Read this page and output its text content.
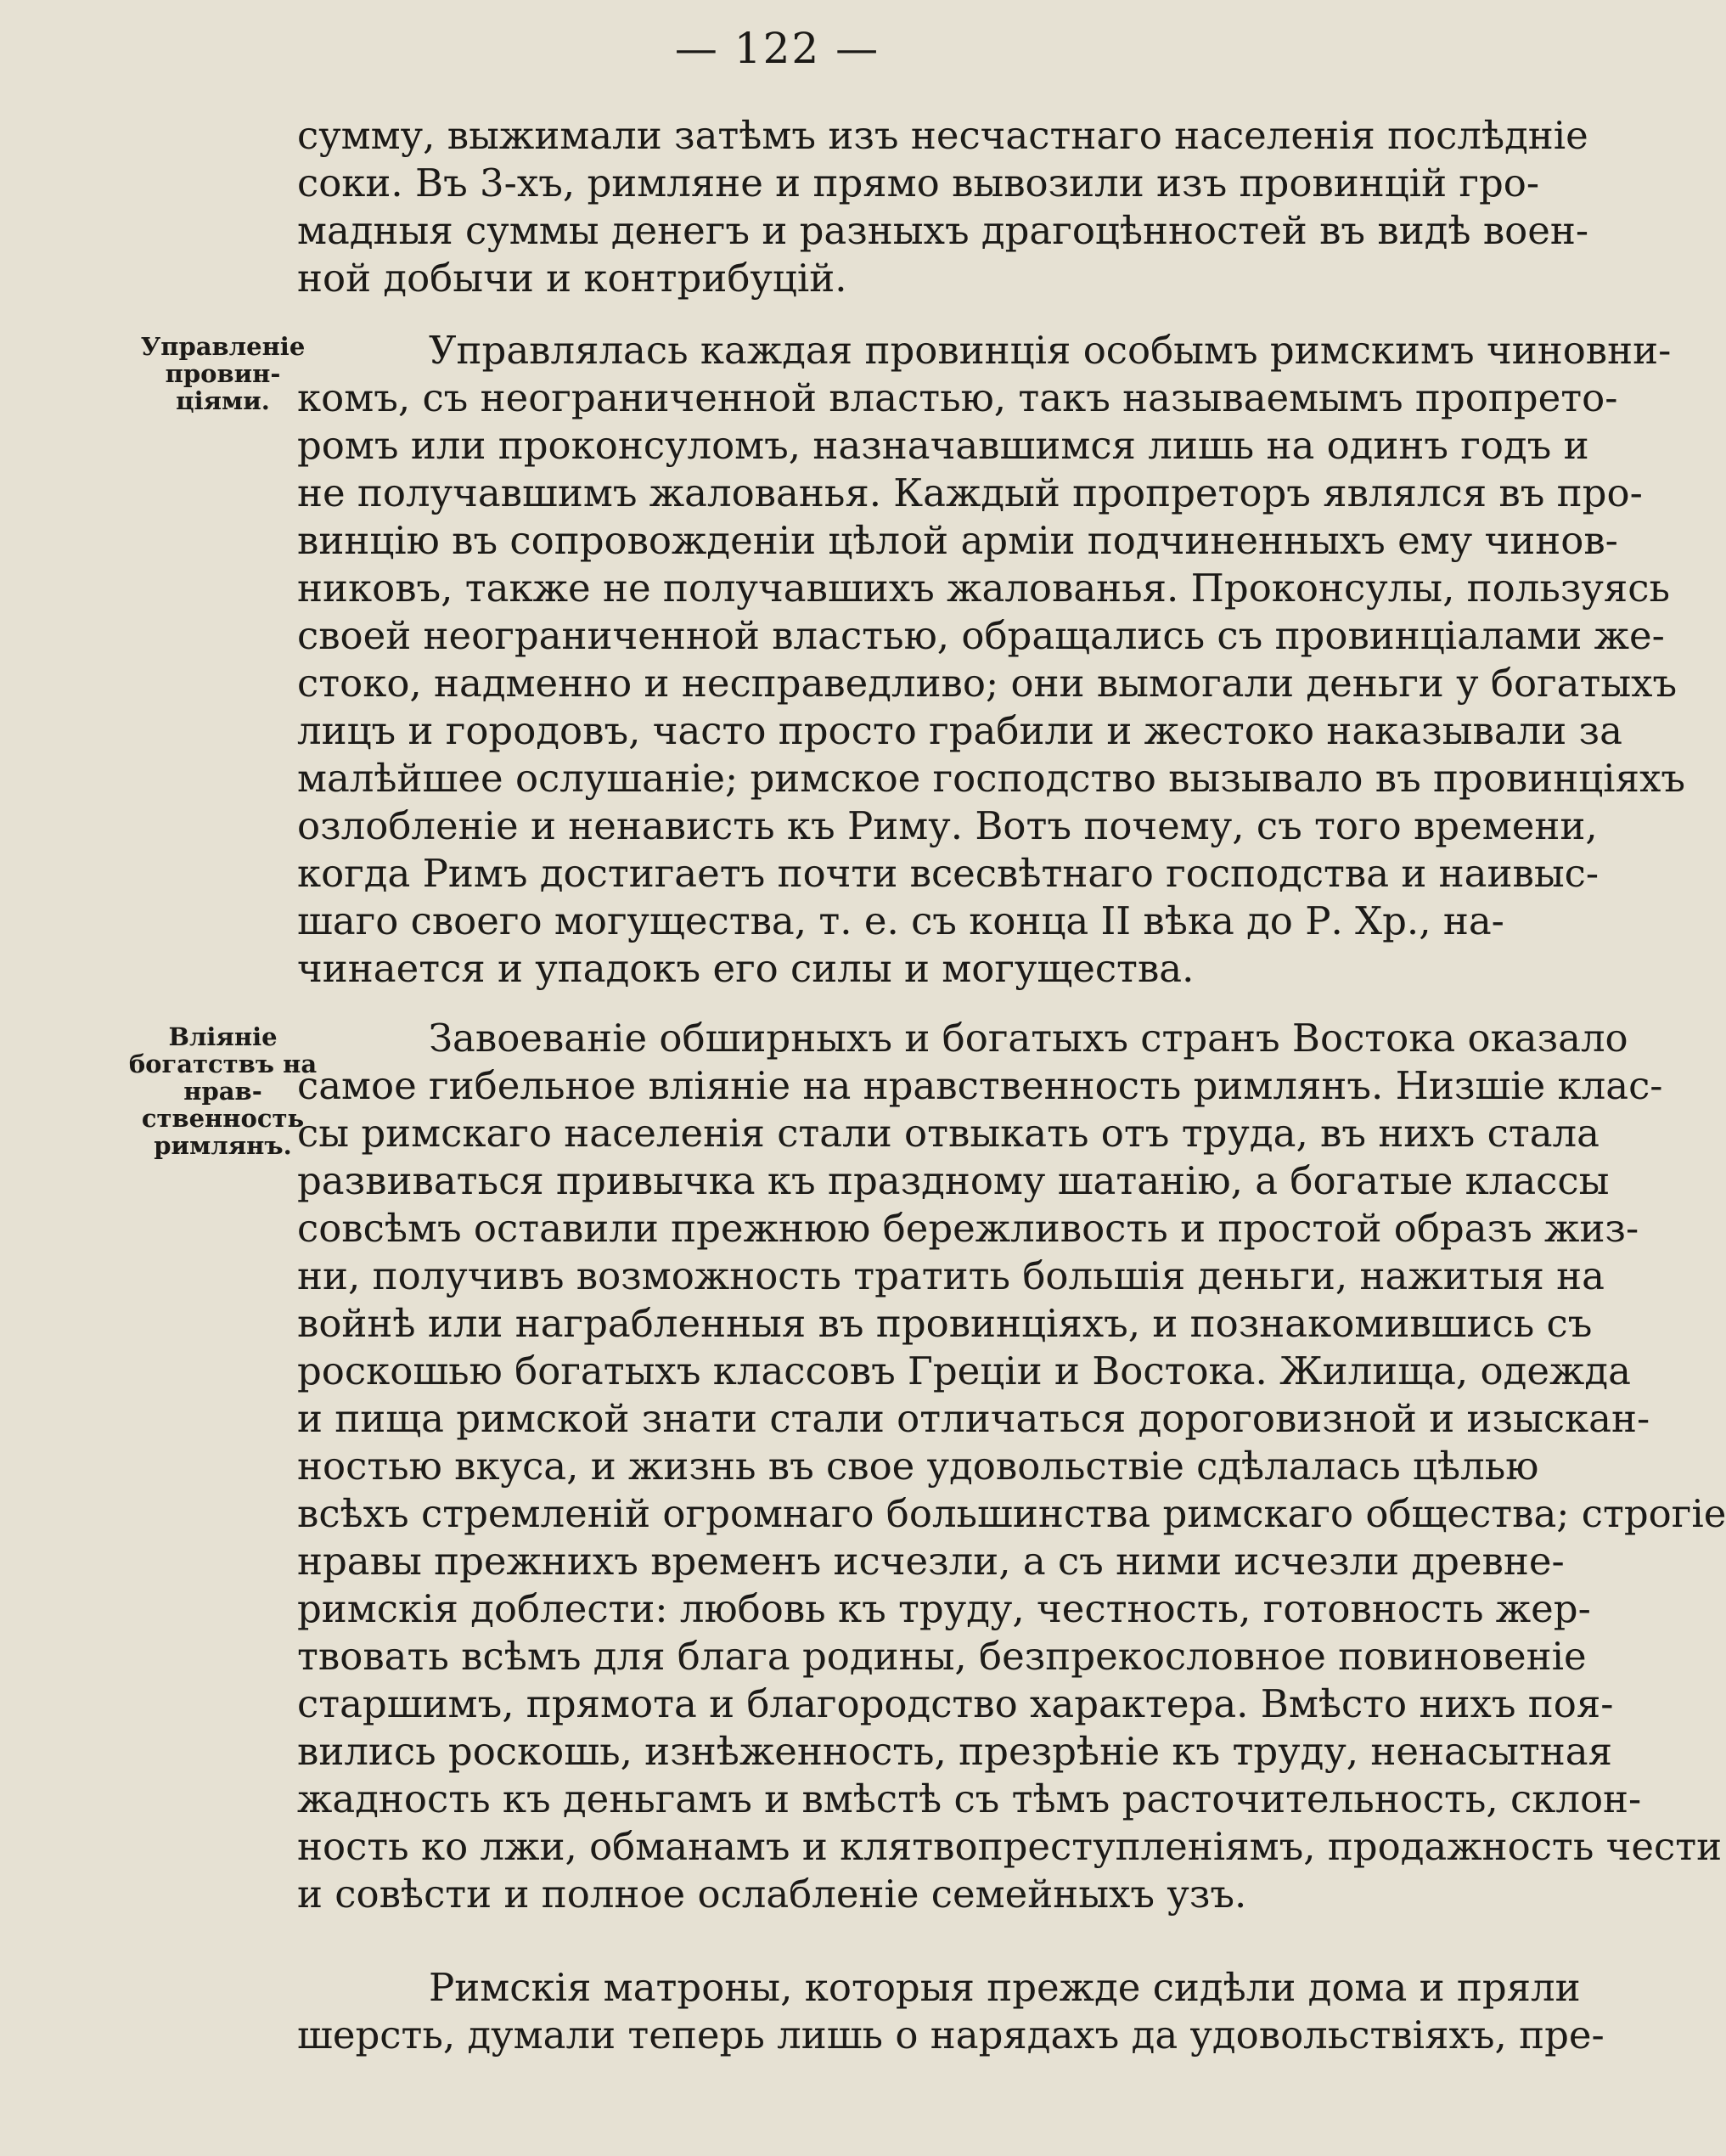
— 122 —
Управленіе провин- ціями.
Вліяніе богатствъ на нрав- ственность римлянъ.
сумму, выжимали затѣмъ изъ несчастнаго населенія послѣдніе
соки. Въ 3-хъ, римляне и прямо вывозили изъ провинцій гро-
мадныя суммы денегъ и разныхъ драгоцѣнностей въ видѣ воен-
ной добычи и контрибуцій.
Управлялась каждая провинція особымъ римскимъ чиновни-
комъ, съ неограниченной властью, такъ называемымъ пропрето-
ромъ или проконсуломъ, назначавшимся лишь на одинъ годъ и
не получавшимъ жалованья. Каждый пропреторъ являлся въ про-
винцію въ сопровожденіи цѣлой арміи подчиненныхъ ему чинов-
никовъ, также не получавшихъ жалованья. Проконсулы, пользуясь
своей неограниченной властью, обращались съ провинціалами же-
стоко, надменно и несправедливо; они вымогали деньги у богатыхъ
лицъ и городовъ, часто просто грабили и жестоко наказывали за
малѣйшее ослушаніе; римское господство вызывало въ провинціяхъ
озлобленіе и ненависть къ Риму. Вотъ почему, съ того времени,
когда Римъ достигаетъ почти всесвѣтнаго господства и наивыс-
шаго своего могущества, т. е. съ конца II вѣка до Р. Хр., на-
чинается и упадокъ его силы и могущества.
Завоеваніе обширныхъ и богатыхъ странъ Востока оказало
самое гибельное вліяніе на нравственность римлянъ. Низшіе клас-
сы римскаго населенія стали отвыкать отъ труда, въ нихъ стала
развиваться привычка къ праздному шатанію, а богатые классы
совсѣмъ оставили прежнюю бережливость и простой образъ жиз-
ни, получивъ возможность тратить большія деньги, нажитыя на
войнѣ или награбленныя въ провинціяхъ, и познакомившись съ
роскошью богатыхъ классовъ Греціи и Востока. Жилища, одежда
и пища римской знати стали отличаться дороговизной и изыскан-
ностью вкуса, и жизнь въ свое удовольствіе сдѣлалась цѣлью
всѣхъ стремленій огромнаго большинства римскаго общества; строгіе
нравы прежнихъ временъ исчезли, а съ ними исчезли древне-
римскія доблести: любовь къ труду, честность, готовность жер-
твовать всѣмъ для блага родины, безпрекословное повиновеніе
старшимъ, прямота и благородство характера. Вмѣсто нихъ поя-
вились роскошь, изнѣженность, презрѣніе къ труду, ненасытная
жадность къ деньгамъ и вмѣстѣ съ тѣмъ расточительность, склон-
ность ко лжи, обманамъ и клятвопреступленіямъ, продажность чести
и совѣсти и полное ослабленіе семейныхъ узъ.
Римскія матроны, которыя прежде сидѣли дома и пряли
шерсть, думали теперь лишь о нарядахъ да удовольствіяхъ, пре-
